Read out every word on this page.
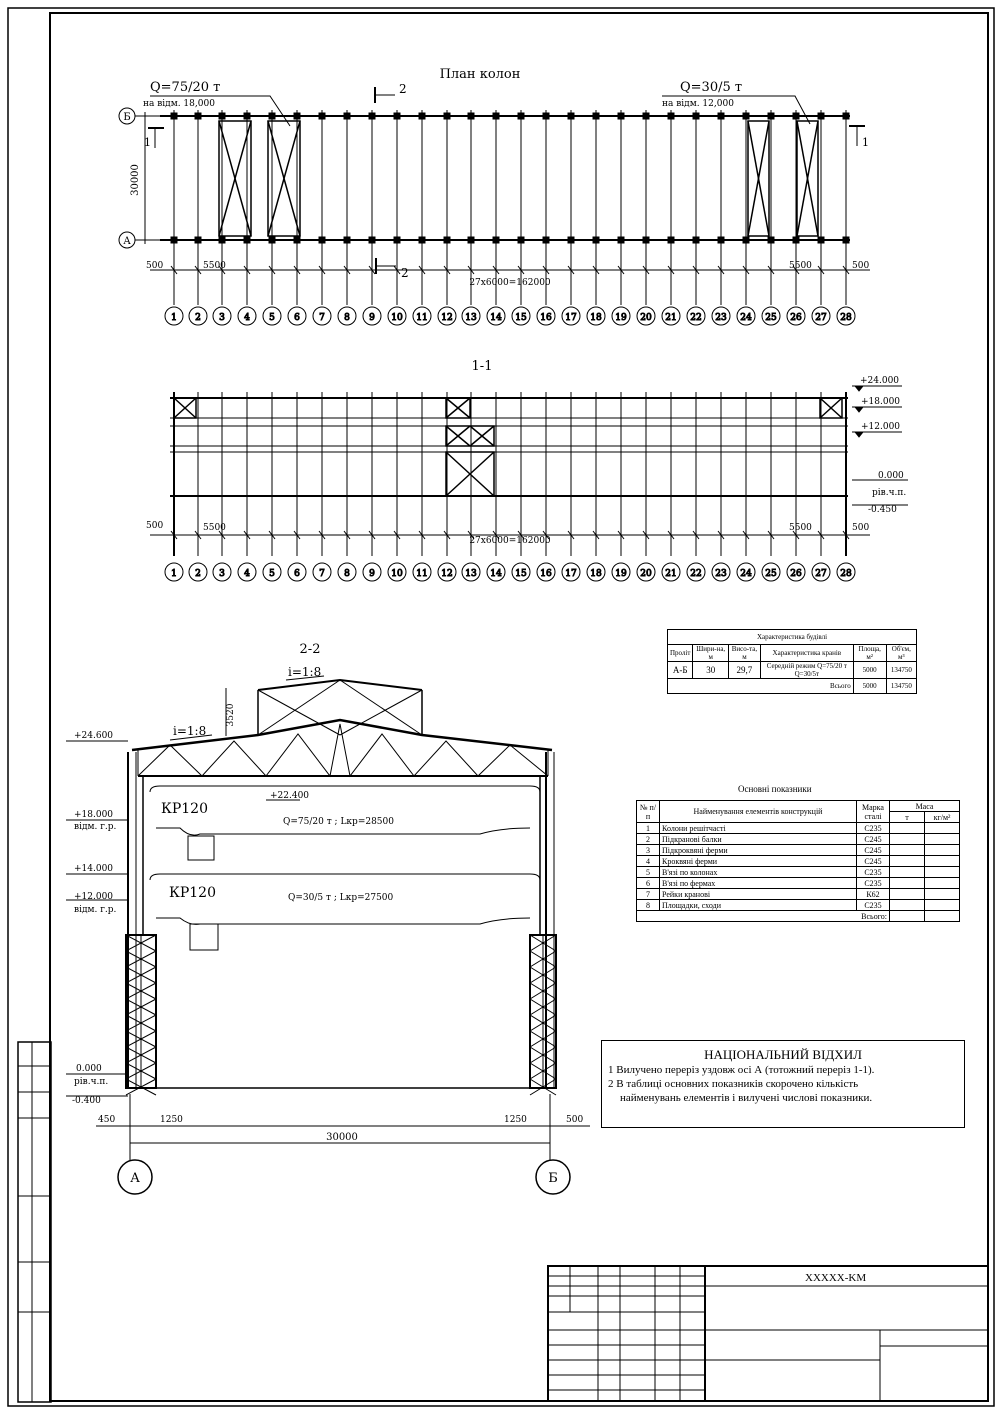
1 2 3 4 5 6 7 8 9 10 11 12 13 14 15 16 17 18 19 20 21 22 23 24 25 26 27 28
План колон
Q=75/20 т
на відм. 18,000
Q=30/5 т
на відм. 12,000
Б
А
30000
2
2
1	1
500	5500
27x6000=162000
5500	500
1-1
1 2 3 4 5 6 7 8 9 10 11 12 13 14 15 16 17 18 19 20 21 22 23 24 25 26 27 28
+24.000
+18.000
+12.000
0.000
рів.ч.п.
-0.450
500	5500
27x6000=162000
5500	500
2-2
i=1:8
i=1:8
3520
+24.600
+22.400
+18.000
відм. г.р.
+14.000
+12.000
відм. г.р.
0.000
рів.ч.п.
-0.400
КР120
КР120
Q=75/20 т ; Lкр=28500
Q=30/5 т ; Lкр=27500
450	1250	1250	500
30000
А	Б
Характеристика будівлі					
Проліт	Шири-на, м	Висо-та, м	Характеристика кранів	Площа, м²	Об'єм, м³
А-Б	30	29,7	Середній режим Q=75/20 т Q=30/5т	5000	134750
Всього				5000	134750
Основні показники
№ п/п	Найменування елементів конструкцій	Марка сталі	Маса	
			т	кг/м²
1	Колони решітчасті	С235		
2	Підкранові балки	С245		
3	Підкроквяні ферми	С245		
4	Кроквяні ферми	С245		
5	В'язі по колонах	С235		
6	В'язі по фермах	С235		
7	Рейки кранові	К62		
8	Площадки, сходи	С235		
Всього:				
НАЦІОНАЛЬНИЙ ВІДХИЛ
1 Вилучено переріз уздовж осі А (тотожний переріз 1-1).
2 В таблиці основних показників скорочено кількість
найменувань елементів і вилучені числові показники.
XXXXX-KM
